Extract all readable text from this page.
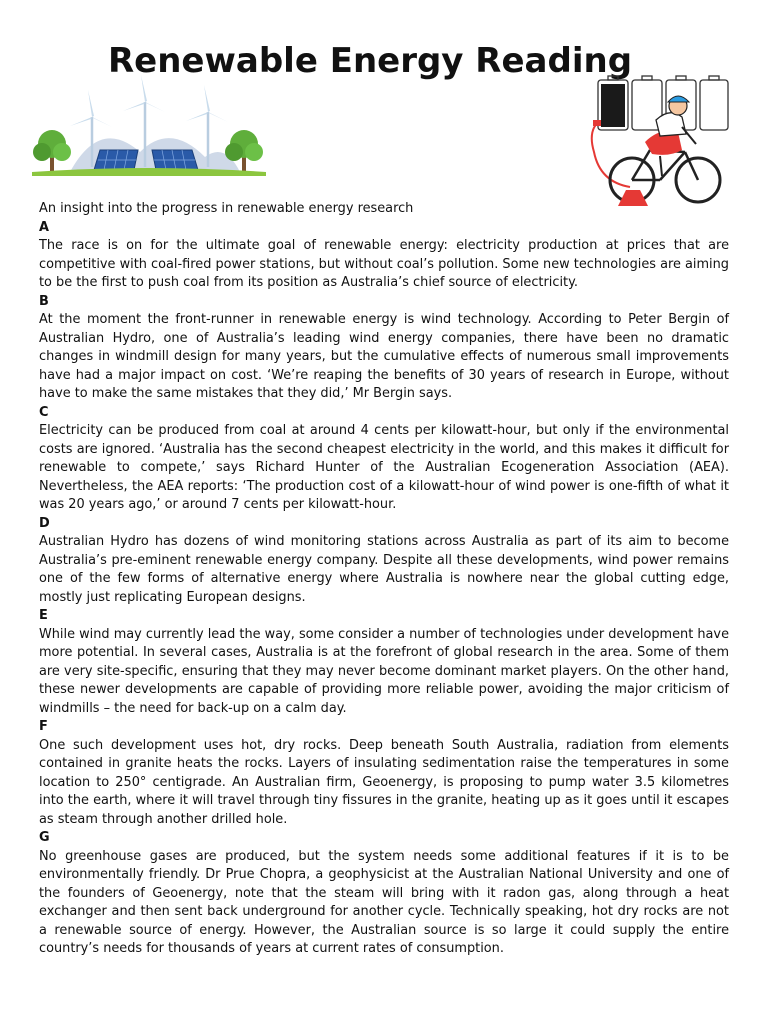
Renewable Energy Reading

An insight into the progress in renewable energy research

A

The race is on for the ultimate goal of renewable energy: electricity production at prices that are competitive with coal-fired power stations, but without coal’s pollution. Some new technologies are aiming to be the first to push coal from its position as Australia’s chief source of electricity.

B

At the moment the front-runner in renewable energy is wind technology. According to Peter Bergin of Australian Hydro, one of Australia’s leading wind energy companies, there have been no dramatic changes in windmill design for many years, but the cumulative effects of numerous small improvements have had a major impact on cost. ‘We’re reaping the benefits of 30 years of research in Europe, without have to make the same mistakes that they did,’ Mr Bergin says.

C

Electricity can be produced from coal at around 4 cents per kilowatt-hour, but only if the environmental costs are ignored. ‘Australia has the second cheapest electricity in the world, and this makes it difficult for renewable to compete,’ says Richard Hunter of the Australian Ecogeneration Association (AEA). Nevertheless, the AEA reports: ‘The production cost of a kilowatt-hour of wind power is one-fifth of what it was 20 years ago,’ or around 7 cents per kilowatt-hour.

D

Australian Hydro has dozens of wind monitoring stations across Australia as part of its aim to become Australia’s pre-eminent renewable energy company. Despite all these developments, wind power remains one of the few forms of alternative energy where Australia is nowhere near the global cutting edge, mostly just replicating European designs.

E

While wind may currently lead the way, some consider a number of technologies under development have more potential. In several cases, Australia is at the forefront of global research in the area. Some of them are very site-specific, ensuring that they may never become dominant market players. On the other hand, these newer developments are capable of providing more reliable power, avoiding the major criticism of windmills – the need for back-up on a calm day.

F

One such development uses hot, dry rocks. Deep beneath South Australia, radiation from elements contained in granite heats the rocks. Layers of insulating sedimentation raise the temperatures in some location to 250° centigrade. An Australian firm, Geoenergy, is proposing to pump water 3.5 kilometres into the earth, where it will travel through tiny fissures in the granite, heating up as it goes until it escapes as steam through another drilled hole.

G

No greenhouse gases are produced, but the system needs some additional features if it is to be environmentally friendly. Dr Prue Chopra, a geophysicist at the Australian National University and one of the founders of Geoenergy, note that the steam will bring with it radon gas, along through a heat exchanger and then sent back underground for another cycle. Technically speaking, hot dry rocks are not a renewable source of energy. However, the Australian source is so large it could supply the entire country’s needs for thousands of years at current rates of consumption.
